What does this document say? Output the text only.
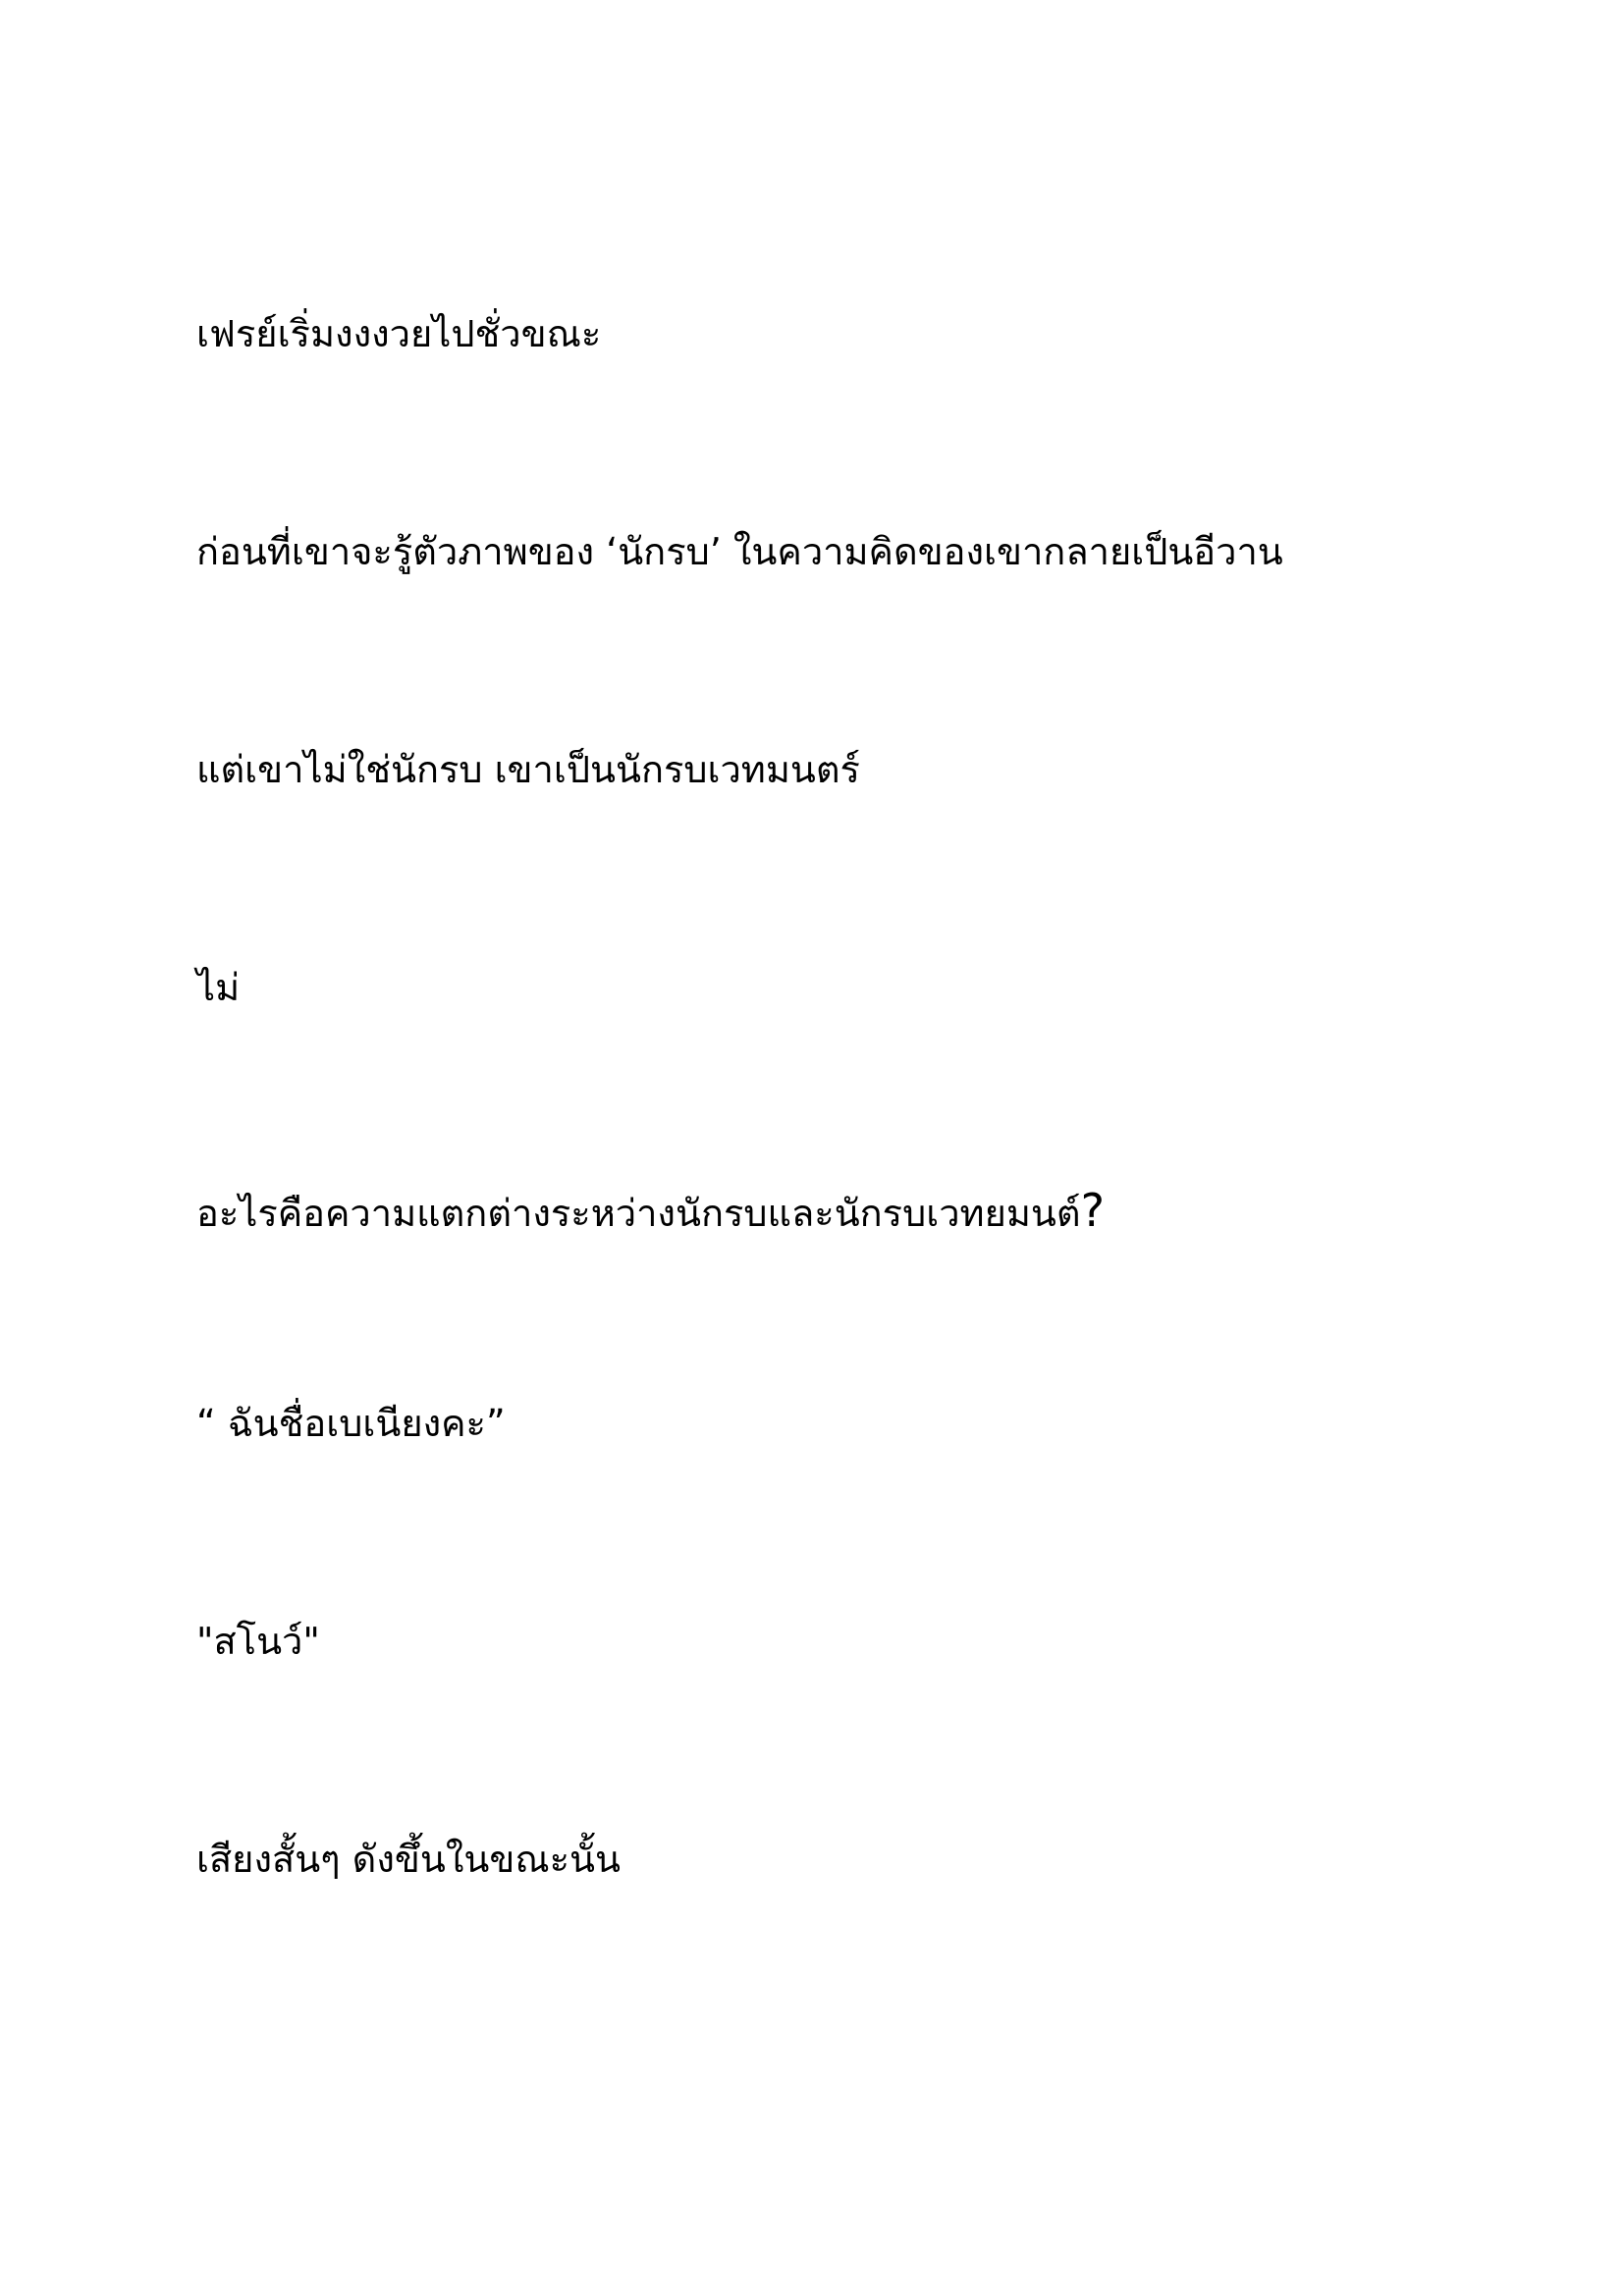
เฟรย์เริ่มงงงวยไปชั่วขณะ

ก่อนที่เขาจะรู้ตัวภาพของ ‘นักรบ’ ในความคิดของเขากลายเป็นอีวาน

แต่เขาไม่ใช่นักรบ เขาเป็นนักรบเวทมนตร์

ไม่

อะไรคือความแตกต่างระหว่างนักรบและนักรบเวทยมนต์?

“ ฉันชื่อเบเนียงคะ”

"สโนว์"

เสียงสั้นๆ ดังขึ้นในขณะนั้น
